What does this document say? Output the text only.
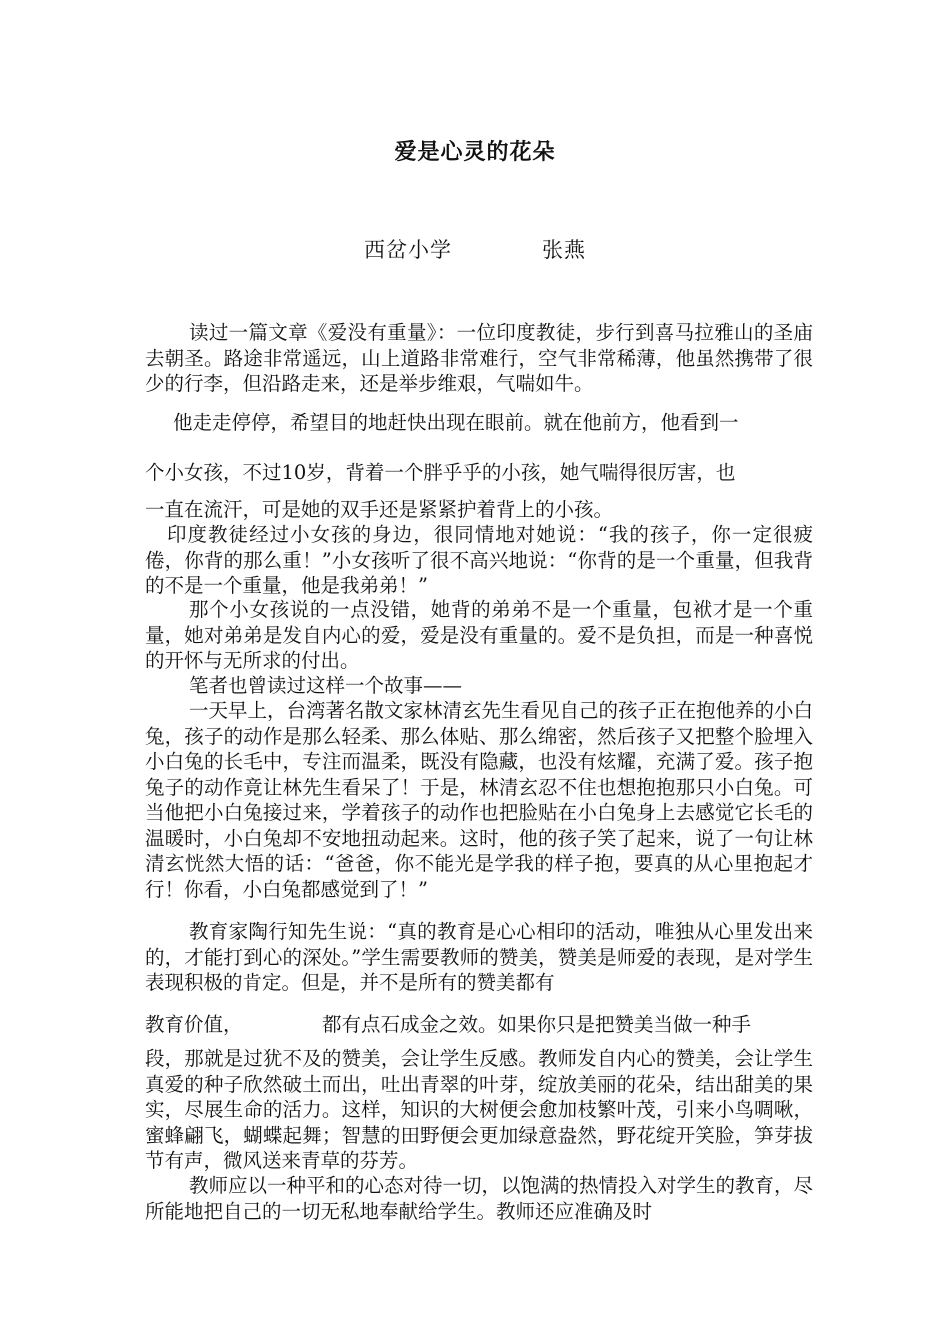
爱是心灵的花朵
西岔小学	张燕

读过一篇文章《爱没有重量》：一位印度教徒，步行到喜马拉雅山的圣庙去朝圣。路途非常遥远，山上道路非常难行，空气非常稀薄，他虽然携带了很少的行李，但沿路走来，还是举步维艰，气喘如牛。

他走走停停，希望目的地赶快出现在眼前。就在他前方，他看到一

个小女孩，不过10岁，背着一个胖乎乎的小孩，她气喘得很厉害，也

一直在流汗，可是她的双手还是紧紧护着背上的小孩。

印度教徒经过小女孩的身边，很同情地对她说：“我的孩子，你一定很疲倦，你背的那么重！”小女孩听了很不高兴地说：“你背的是一个重量，但我背的不是一个重量，他是我弟弟！”

那个小女孩说的一点没错，她背的弟弟不是一个重量，包袱才是一个重量，她对弟弟是发自内心的爱，爱是没有重量的。爱不是负担，而是一种喜悦的开怀与无所求的付出。

笔者也曾读过这样一个故事——

一天早上，台湾著名散文家林清玄先生看见自己的孩子正在抱他养的小白兔，孩子的动作是那么轻柔、那么体贴、那么绵密，然后孩子又把整个脸埋入小白兔的长毛中，专注而温柔，既没有隐藏，也没有炫耀，充满了爱。孩子抱兔子的动作竟让林先生看呆了！于是，林清玄忍不住也想抱抱那只小白兔。可当他把小白兔接过来，学着孩子的动作也把脸贴在小白兔身上去感觉它长毛的温暖时，小白兔却不安地扭动起来。这时，他的孩子笑了起来，说了一句让林清玄恍然大悟的话：“爸爸，你不能光是学我的样子抱，要真的从心里抱起才行！你看，小白兔都感觉到了！”

教育家陶行知先生说：“真的教育是心心相印的活动，唯独从心里发出来的，才能打到心的深处。”学生需要教师的赞美，赞美是师爱的表现，是对学生表现积极的肯定。但是，并不是所有的赞美都有

教育价值，	都有点石成金之效。如果你只是把赞美当做一种手

段，那就是过犹不及的赞美，会让学生反感。教师发自内心的赞美，会让学生真爱的种子欣然破土而出，吐出青翠的叶芽，绽放美丽的花朵，结出甜美的果实，尽展生命的活力。这样，知识的大树便会愈加枝繁叶茂，引来小鸟啁啾，蜜蜂翩飞，蝴蝶起舞；智慧的田野便会更加绿意盎然，野花绽开笑脸，笋芽拔节有声，微风送来青草的芬芳。

教师应以一种平和的心态对待一切，以饱满的热情投入对学生的教育，尽所能地把自己的一切无私地奉献给学生。教师还应准确及时
